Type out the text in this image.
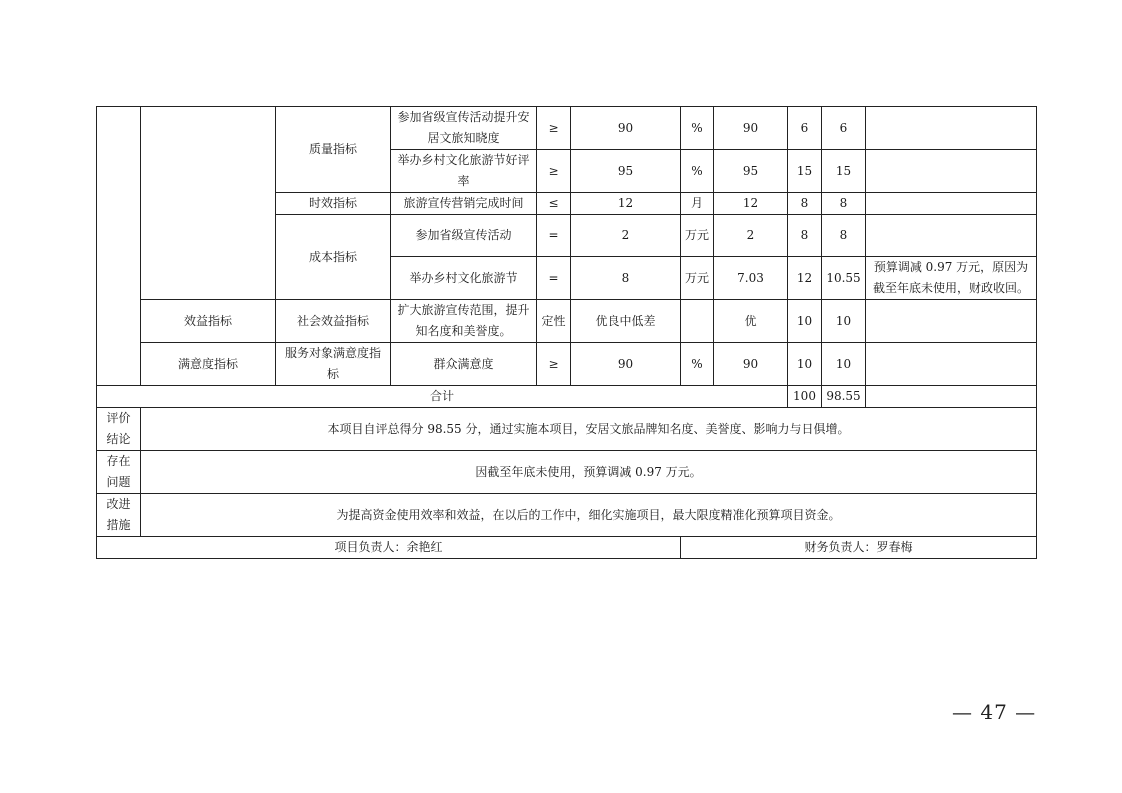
		质量指标	参加省级宣传活动提升安居文旅知晓度	≥	90	%	90	6	6	
			举办乡村文化旅游节好评率	≥	95	%	95	15	15	
		时效指标	旅游宣传营销完成时间	≤	12	月	12	8	8	
		成本指标	参加省级宣传活动	=	2	万元	2	8	8	
			举办乡村文化旅游节	=	8	万元	7.03	12	10.55	预算调减 0.97 万元，原因为截至年底未使用，财政收回。
	效益指标	社会效益指标	扩大旅游宣传范围，提升知名度和美誉度。	定性	优良中低差		优	10	10	
	满意度指标	服务对象满意度指标	群众满意度	≥	90	%	90	10	10	
合计								100	98.55	
评价结论	本项目自评总得分 98.55 分，通过实施本项目，安居文旅品牌知名度、美誉度、影响力与日俱增。									
存在问题	因截至年底未使用，预算调减 0.97 万元。									
改进措施	为提高资金使用效率和效益，在以后的工作中，细化实施项目，最大限度精准化预算项目资金。									
项目负责人：余艳红						财务负责人：罗春梅				
— 47 —
